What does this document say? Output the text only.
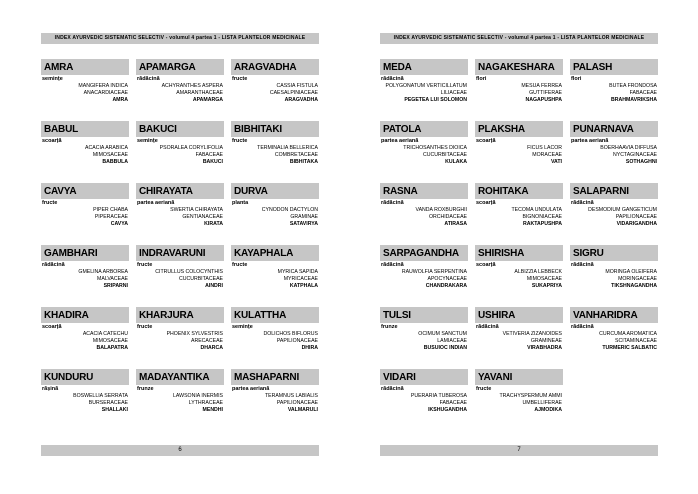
INDEX AYURVEDIC SISTEMATIC SELECTIV - volumul 4 partea 1 - LISTA PLANTELOR MEDICINALE
AMRA
semințe
MANGIFERA INDICA
ANACARDIACEAE
AMRA
APAMARGA
rădăcină
ACHYRANTHES ASPERA
AMARANTHACEAE
APAMARGA
ARAGVADHA
fructe
CASSIA FISTULA
CAESALPINIACEAE
ARAGVADHA
BABUL
scoarță
ACACIA ARABICA
MIMOSACEAE
BABBULA
BAKUCI
semințe
PSORALEA CORYLIFOLIA
FABACEAE
BAKUCI
BIBHITAKI
fructe
TERMINALIA BELLERICA
COMBRETACEAE
BIBHITAKA
CAVYA
fructe
PIPER CHABA
PIPERACEAE
CAVYA
CHIRAYATA
partea aeriană
SWERTIA CHIRAYATA
GENTIANACEAE
KIRATA
DURVA
planta
CYNODON DACTYLON
GRAMINAE
SATAVIRYA
GAMBHARI
rădăcină
GMELINA ARBOREA
MALVACEAE
SRIPARNI
INDRAVARUNI
fructe
CITRULLUS COLOCYNTHIS
CUCURBITACEAE
AINDRI
KAYAPHALA
fructe
MYRICA SAPIDA
MYRICACEAE
KATPHALA
KHADIRA
scoarță
ACACIA CATECHU
MIMOSACEAE
BALAPATRA
KHARJURA
fructe
PHOENIX SYLVESTRIS
ARECACEAE
DHARCA
KULATTHA
semințe
DOLICHOS BIFLORUS
PAPILIONACEAE
DHIRA
KUNDURU
rășină
BOSWELLIA SERRATA
BURSERACEAE
SHALLAKI
MADAYANTIKA
frunze
LAWSONIA INERMIS
LYTHRACEAE
MENDHI
MASHAPARNI
partea aeriană
TERAMNUS LABIALIS
PAPILIONACEAE
VALMARULI
6
INDEX AYURVEDIC SISTEMATIC SELECTIV - volumul 4 partea 1 - LISTA PLANTELOR MEDICINALE
MEDA
rădăcină
POLYGONATUM VERTICILLATUM
LILIACEAE
PEGETEA LUI SOLOMON
NAGAKESHARA
flori
MESUA FERREA
GUTTIFERAE
NAGAPUSHPA
PALASH
flori
BUTEA FRONDOSA
FABACEAE
BRAHMAVRIKSHA
PATOLA
partea aeriană
TRICHOSANTHES DIOICA
CUCURBITACEAE
KULAKA
PLAKSHA
scoarță
FICUS LACOR
MORACEAE
VATI
PUNARNAVA
partea aeriană
BOERHAAVIA DIFFUSA
NYCTAGINACEAE
SOTHAGHNI
RASNA
rădăcină
VANDA ROXBURGHII
ORCHIDACEAE
ATIRASA
ROHITAKA
scoarță
TECOMA UNDULATA
BIGNONIACEAE
RAKTAPUSHPA
SALAPARNI
rădăcină
DESMODIUM GANGETICUM
PAPILIONACEAE
VIDARIGANDHA
SARPAGANDHA
rădăcină
RAUWOLFIA SERPENTINA
APOCYNACEAE
CHANDRAKARA
SHIRISHA
scoarță
ALBIZZIA LEBBECK
MIMOSACEAE
SUKAPRIYA
SIGRU
rădăcină
MORINGA OLEIFERA
MORINGACEAE
TIKSHNAGANDHA
TULSI
frunze
OCIMUM SANCTUM
LAMIACEAE
BUSUIOC INDIAN
USHIRA
rădăcină
VETIVERIA ZIZANOIDES
GRAMINEAE
VIRABHADRA
VANHARIDRA
rădăcină
CURCUMA AROMATICA
SCITAMINACEAE
TURMERIC SĂLBATIC
VIDARI
rădăcină
PUERARIA TUBEROSA
FABACEAE
IKSHUGANDHA
YAVANI
fructe
TRACHYSPERMUM AMMI
UMBELLIFERAE
AJMODIKA
7
